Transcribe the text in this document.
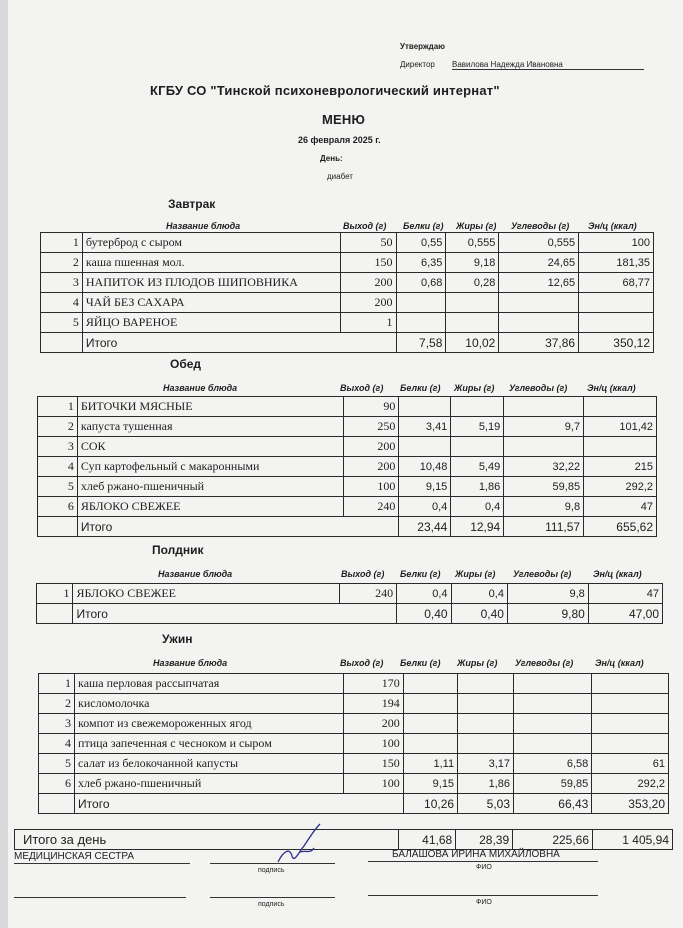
Утверждаю
Директор Вавилова Надежда Ивановна
КГБУ СО "Тинской психоневрологический интернат"
МЕНЮ
26 февраля 2025 г.
День:
диабет
Завтрак
Название блюда	Выход (г) Белки (г) Жиры (г) Углеводы (г) Эн/ц (ккал)
1	бутерброд с сыром	50	0,55	0,555	0,555	100
2	каша пшенная мол.	150	6,35	9,18	24,65	181,35
3	НАПИТОК ИЗ ПЛОДОВ ШИПОВНИКА	200	0,68	0,28	12,65	68,77
4	ЧАЙ БЕЗ САХАРА	200				
5	ЯЙЦО ВАРЕНОЕ	1				
	Итого		7,58	10,02	37,86	350,12
Обед
Название блюда	Выход (г) Белки (г) Жиры (г) Углеводы (г) Эн/ц (ккал)
1	БИТОЧКИ МЯСНЫЕ	90				
2	капуста тушенная	250	3,41	5,19	9,7	101,42
3	СОК	200				
4	Суп картофельный с макаронными	200	10,48	5,49	32,22	215
5	хлеб ржано-пшеничный	100	9,15	1,86	59,85	292,2
6	ЯБЛОКО СВЕЖЕЕ	240	0,4	0,4	9,8	47
	Итого		23,44	12,94	111,57	655,62
Полдник
Название блюда	Выход (г) Белки (г) Жиры (г) Углеводы (г) Эн/ц (ккал)
1	ЯБЛОКО СВЕЖЕЕ	240	0,4	0,4	9,8	47
	Итого		0,40	0,40	9,80	47,00
Ужин
Название блюда	Выход (г) Белки (г) Жиры (г) Углеводы (г) Эн/ц (ккал)
1	каша перловая рассыпчатая	170				
2	кисломолочка	194				
3	компот из свежемороженных ягод	200				
4	птица запеченная с чесноком и сыром	100				
5	салат из белокочанной капусты	150	1,11	3,17	6,58	61
6	хлеб ржано-пшеничный	100	9,15	1,86	59,85	292,2
	Итого		10,26	5,03	66,43	353,20
Итого за день	41,68	28,39	225,66	1 405,94
МЕДИЦИНСКАЯ СЕСТРА
подпись
БАЛАШОВА ИРИНА МИХАЙЛОВНА
ФИО
подпись	ФИО
